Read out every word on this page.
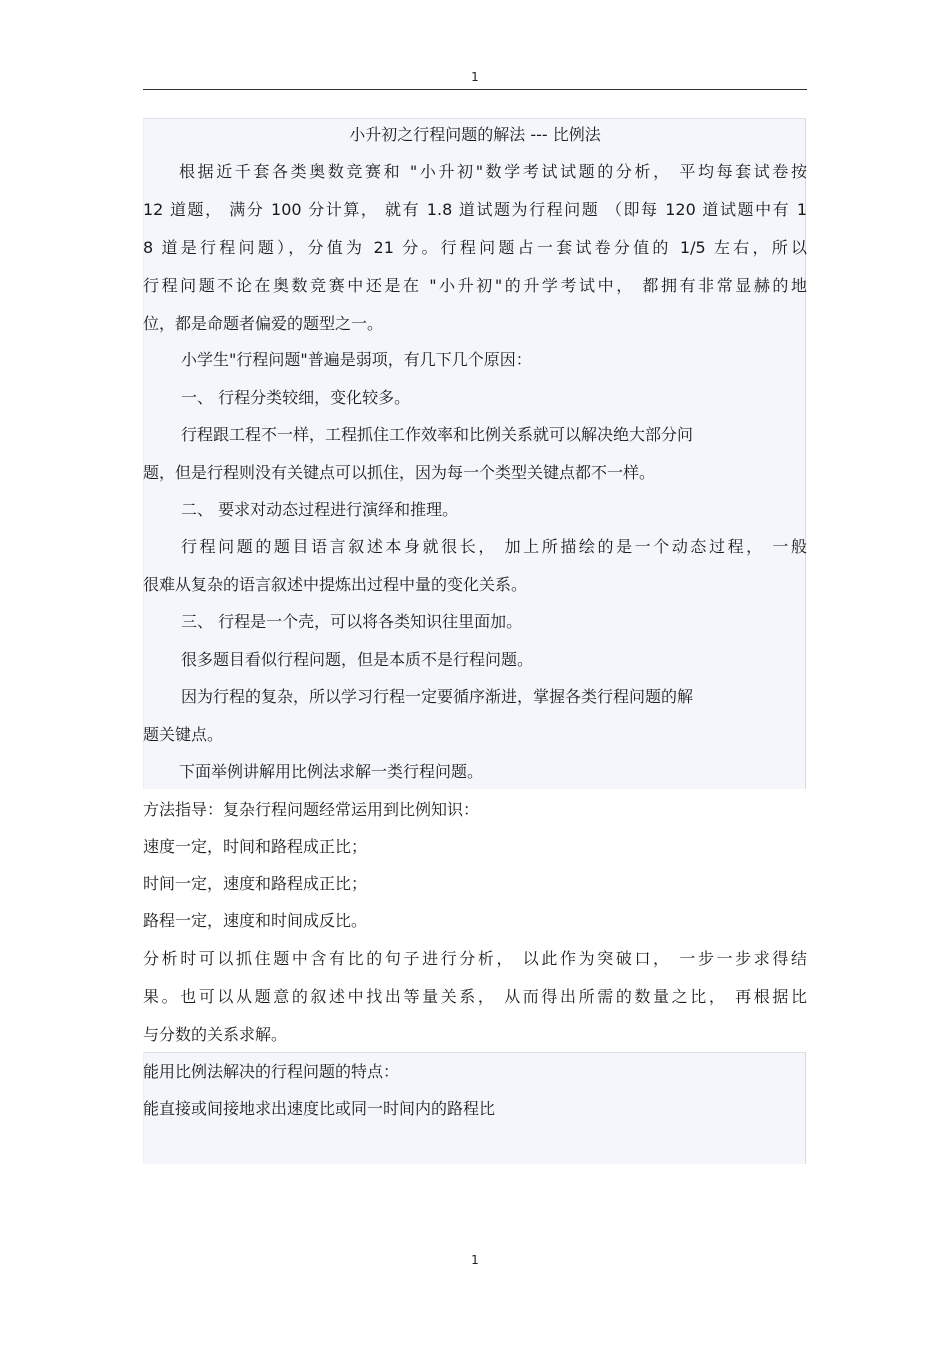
1
小升初之行程问题的解法 --- 比例法
根据近千套各类奥数竞赛和 "小升初"数学考试试题的分析， 平均每套试卷按
12 道题， 满分 100 分计算， 就有 1.8 道试题为行程问题 （即每 120 道试题中有 1
8 道是行程问题），分值为 21 分。行程问题占一套试卷分值的 1/5 左右，所以
行程问题不论在奥数竞赛中还是在 "小升初"的升学考试中， 都拥有非常显赫的地
位，都是命题者偏爱的题型之一。
小学生"行程问题"普遍是弱项，有几下几个原因：
一、 行程分类较细，变化较多。
行程跟工程不一样，工程抓住工作效率和比例关系就可以解决绝大部分问
题，但是行程则没有关键点可以抓住，因为每一个类型关键点都不一样。
二、 要求对动态过程进行演绎和推理。
行程问题的题目语言叙述本身就很长， 加上所描绘的是一个动态过程， 一般
很难从复杂的语言叙述中提炼出过程中量的变化关系。
三、 行程是一个壳，可以将各类知识往里面加。
很多题目看似行程问题，但是本质不是行程问题。
因为行程的复杂，所以学习行程一定要循序渐进，掌握各类行程问题的解
题关键点。
下面举例讲解用比例法求解一类行程问题。
方法指导：复杂行程问题经常运用到比例知识：
速度一定，时间和路程成正比；
时间一定，速度和路程成正比；
路程一定，速度和时间成反比。
分析时可以抓住题中含有比的句子进行分析， 以此作为突破口， 一步一步求得结
果。也可以从题意的叙述中找出等量关系， 从而得出所需的数量之比， 再根据比
与分数的关系求解。
能用比例法解决的行程问题的特点：
能直接或间接地求出速度比或同一时间内的路程比
1
